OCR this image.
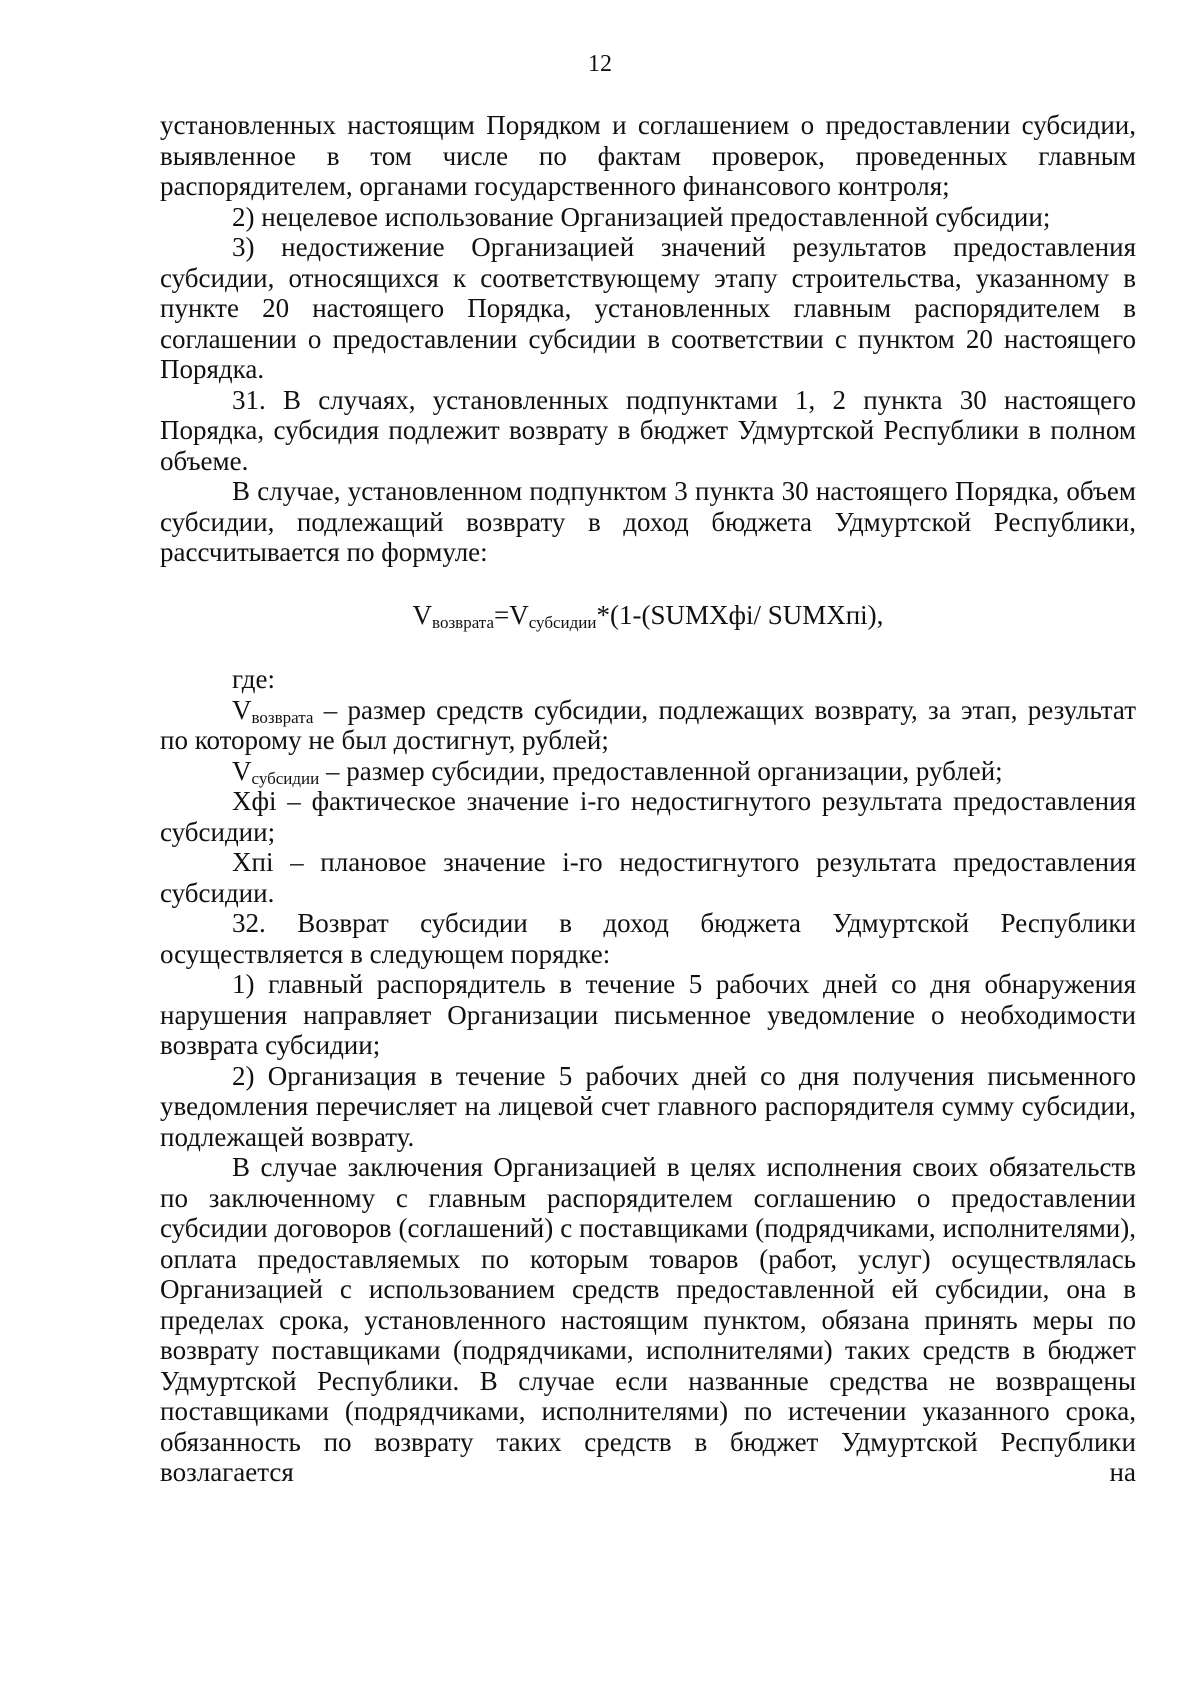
12

установленных настоящим Порядком и соглашением о предоставлении субсидии, выявленное в том числе по фактам проверок, проведенных главным распорядителем, органами государственного финансового контроля;

2) нецелевое использование Организацией предоставленной субсидии;

3) недостижение Организацией значений результатов предоставления субсидии, относящихся к соответствующему этапу строительства, указанному в пункте 20 настоящего Порядка, установленных главным распорядителем в соглашении о предоставлении субсидии в соответствии с пунктом 20 настоящего Порядка.

31. В случаях, установленных подпунктами 1, 2 пункта 30 настоящего Порядка, субсидия подлежит возврату в бюджет Удмуртской Республики в полном объеме.

В случае, установленном подпунктом 3 пункта 30 настоящего Порядка, объем субсидии, подлежащий возврату в доход бюджета Удмуртской Республики, рассчитывается по формуле:

$V_{возврата}=V_{субсидии}*(1-(SUMXфi/$ SUMXпi),

где:

$V_{возврата}$ – размер средств субсидии, подлежащих возврату, за этап, результат по которому не был достигнут, рублей;

$V_{субсидии}$ – размер субсидии, предоставленной организации, рублей;

Xфi – фактическое значение i-го недостигнутого результата предоставления субсидии;

Xпi – плановое значение i-го недостигнутого результата предоставления субсидии.

32. Возврат субсидии в доход бюджета Удмуртской Республики осуществляется в следующем порядке:

1) главный распорядитель в течение 5 рабочих дней со дня обнаружения нарушения направляет Организации письменное уведомление о необходимости возврата субсидии;

2) Организация в течение 5 рабочих дней со дня получения письменного уведомления перечисляет на лицевой счет главного распорядителя сумму субсидии, подлежащей возврату.

В случае заключения Организацией в целях исполнения своих обязательств по заключенному с главным распорядителем соглашению о предоставлении субсидии договоров (соглашений) с поставщиками (подрядчиками, исполнителями), оплата предоставляемых по которым товаров (работ, услуг) осуществлялась Организацией с использованием средств предоставленной ей субсидии, она в пределах срока, установленного настоящим пунктом, обязана принять меры по возврату поставщиками (подрядчиками, исполнителями) таких средств в бюджет Удмуртской Республики. В случае если названные средства не возвращены поставщиками (подрядчиками, исполнителями) по истечении указанного срока, обязанность по возврату таких средств в бюджет Удмуртской Республики возлагается на
